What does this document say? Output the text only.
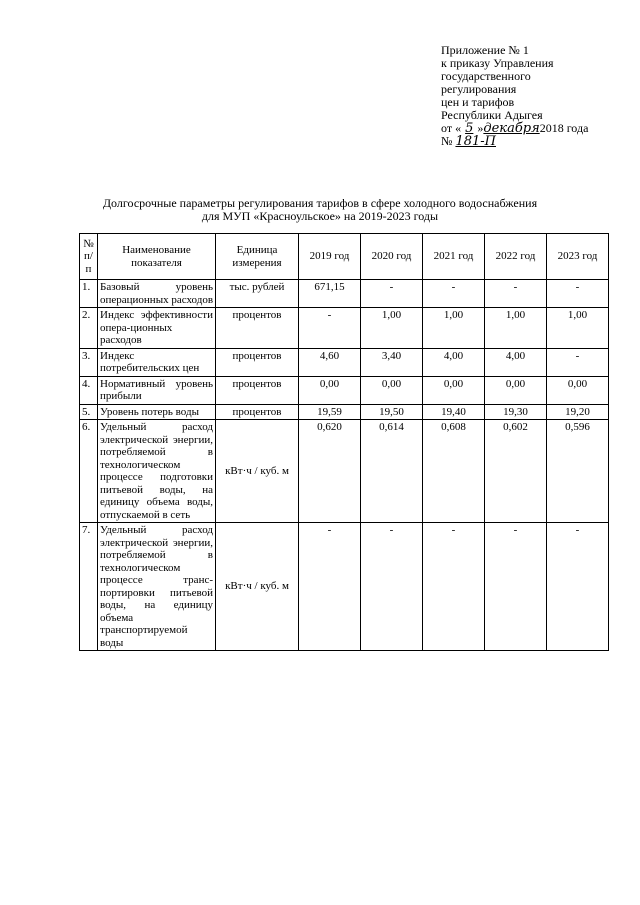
Приложение № 1
к приказу Управления
государственного
регулирования
цен и тарифов
Республики Адыгея
от « 5 »декабря2018 года
№ 181-П
Долгосрочные параметры регулирования тарифов в сфере холодного водоснабжения
для МУП «Красноульское» на 2019-2023 годы
№ п/п	Наименование показателя	Единица измерения	2019 год	2020 год	2021 год	2022 год	2023 год
1.	Базовый уровень операционных расходов	тыс. рублей	671,15	-	-	-	-
2.	Индекс эффективности опера-ционных расходов	процентов	-	1,00	1,00	1,00	1,00
3.	Индекс потребительских цен	процентов	4,60	3,40	4,00	4,00	-
4.	Нормативный уровень прибыли	процентов	0,00	0,00	0,00	0,00	0,00
5.	Уровень потерь воды	процентов	19,59	19,50	19,40	19,30	19,20
6.	Удельный расход электрической энергии, потребляемой в технологическом процессе подготовки питьевой воды, на единицу объема воды, отпускаемой в сеть	кВт·ч / куб. м	0,620	0,614	0,608	0,602	0,596
7.	Удельный расход электрической энергии, потребляемой в технологическом процессе транс-портировки питьевой воды, на единицу объема транспортируемой воды	кВт·ч / куб. м	-	-	-	-	-
